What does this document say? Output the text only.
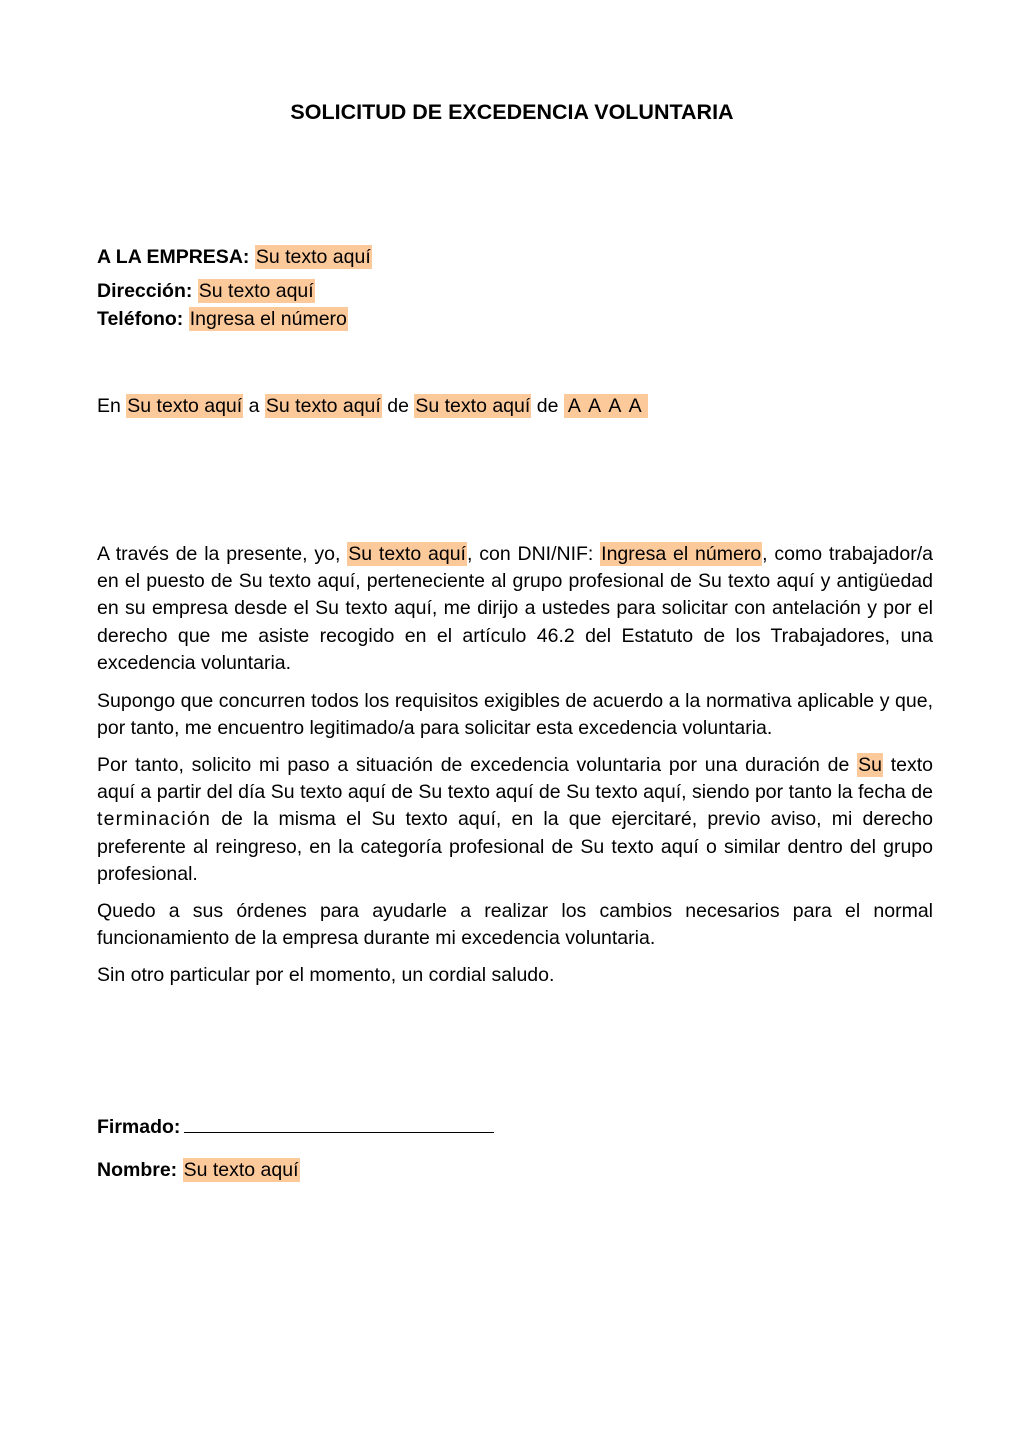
SOLICITUD DE EXCEDENCIA VOLUNTARIA
A LA EMPRESA: Su texto aquí
Dirección: Su texto aquí
Teléfono: Ingresa el número
En Su texto aquí a Su texto aquí de Su texto aquí de A A A A
A través de la presente, yo, Su texto aquí, con DNI/NIF: Ingresa el número, como trabajador/a en el puesto de Su texto aquí, perteneciente al grupo profesional de Su texto aquí y antigüedad en su empresa desde el Su texto aquí, me dirijo a ustedes para solicitar con antelación y por el derecho que me asiste recogido en el artículo 46.2 del Estatuto de los Trabajadores, una excedencia voluntaria.
Supongo que concurren todos los requisitos exigibles de acuerdo a la normativa aplicable y que, por tanto, me encuentro legitimado/a para solicitar esta excedencia voluntaria.
Por tanto, solicito mi paso a situación de excedencia voluntaria por una duración de Su texto aquí a partir del día Su texto aquí de Su texto aquí de Su texto aquí, siendo por tanto la fecha de terminación de la misma el Su texto aquí, en la que ejercitaré, previo aviso, mi derecho preferente al reingreso, en la categoría profesional de Su texto aquí o similar dentro del grupo profesional.
Quedo a sus órdenes para ayudarle a realizar los cambios necesarios para el normal funcionamiento de la empresa durante mi excedencia voluntaria.
Sin otro particular por el momento, un cordial saludo.
Firmado:
Nombre: Su texto aquí
